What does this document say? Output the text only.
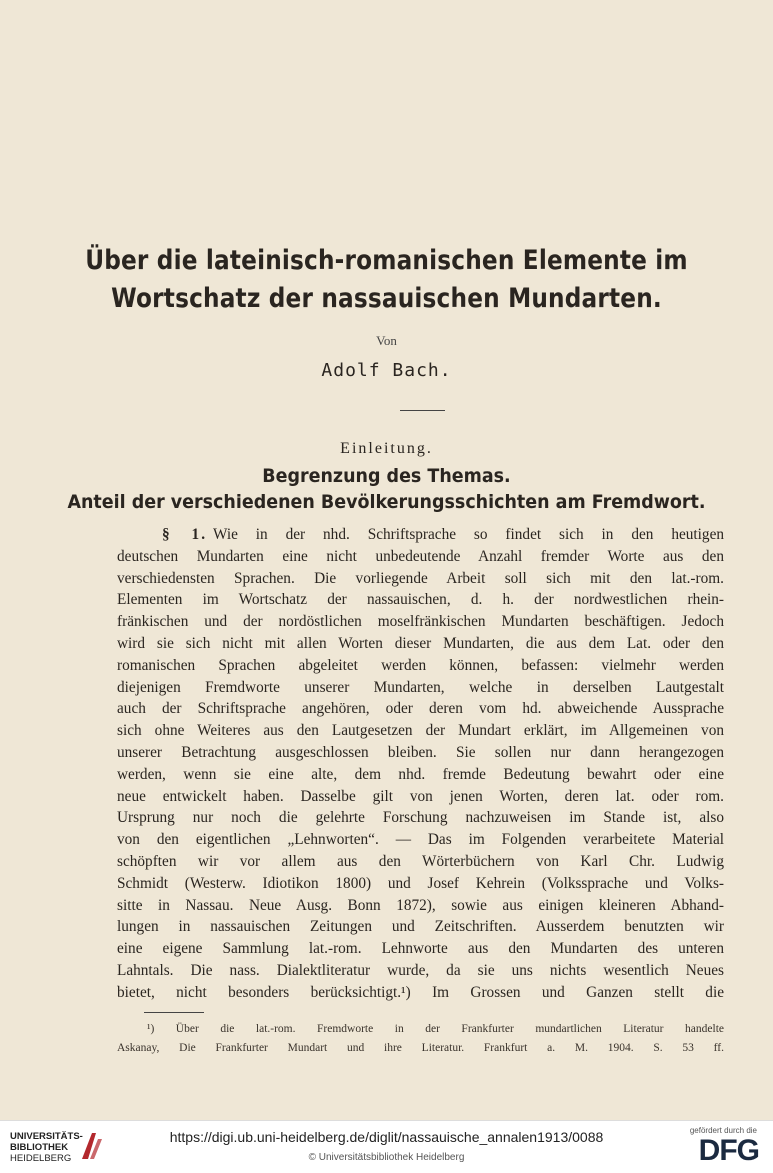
Über die lateinisch-romanischen Elemente im
Wortschatz der nassauischen Mundarten.
Von
Adolf Bach.
Einleitung.
Begrenzung des Themas.
Anteil der verschiedenen Bevölkerungsschichten am Fremdwort.
§ 1. Wie in der nhd. Schriftsprache so findet sich in den heutigen
deutschen Mundarten eine nicht unbedeutende Anzahl fremder Worte aus den
verschiedensten Sprachen. Die vorliegende Arbeit soll sich mit den lat.-rom.
Elementen im Wortschatz der nassauischen, d. h. der nordwestlichen rhein-
fränkischen und der nordöstlichen moselfränkischen Mundarten beschäftigen. Jedoch
wird sie sich nicht mit allen Worten dieser Mundarten, die aus dem Lat. oder den
romanischen Sprachen abgeleitet werden können, befassen: vielmehr werden
diejenigen Fremdworte unserer Mundarten, welche in derselben Lautgestalt
auch der Schriftsprache angehören, oder deren vom hd. abweichende Aussprache
sich ohne Weiteres aus den Lautgesetzen der Mundart erklärt, im Allgemeinen von
unserer Betrachtung ausgeschlossen bleiben. Sie sollen nur dann herangezogen
werden, wenn sie eine alte, dem nhd. fremde Bedeutung bewahrt oder eine
neue entwickelt haben. Dasselbe gilt von jenen Worten, deren lat. oder rom.
Ursprung nur noch die gelehrte Forschung nachzuweisen im Stande ist, also
von den eigentlichen „Lehnworten“. — Das im Folgenden verarbeitete Material
schöpften wir vor allem aus den Wörterbüchern von Karl Chr. Ludwig
Schmidt (Westerw. Idiotikon 1800) und Josef Kehrein (Volkssprache und Volks-
sitte in Nassau. Neue Ausg. Bonn 1872), sowie aus einigen kleineren Abhand-
lungen in nassauischen Zeitungen und Zeitschriften. Ausserdem benutzten wir
eine eigene Sammlung lat.-rom. Lehnworte aus den Mundarten des unteren
Lahntals. Die nass. Dialektliteratur wurde, da sie uns nichts wesentlich Neues
bietet, nicht besonders berücksichtigt.¹) Im Grossen und Ganzen stellt die
¹) Über die lat.-rom. Fremdworte in der Frankfurter mundartlichen Literatur handelte
Askanay, Die Frankfurter Mundart und ihre Literatur. Frankfurt a. M. 1904. S. 53 ff.
UNIVERSITÄTS-
BIBLIOTHEK
HEIDELBERG
https://digi.ub.uni-heidelberg.de/diglit/nassauische_annalen1913/0088
© Universitätsbibliothek Heidelberg
gefördert durch die
DFG
